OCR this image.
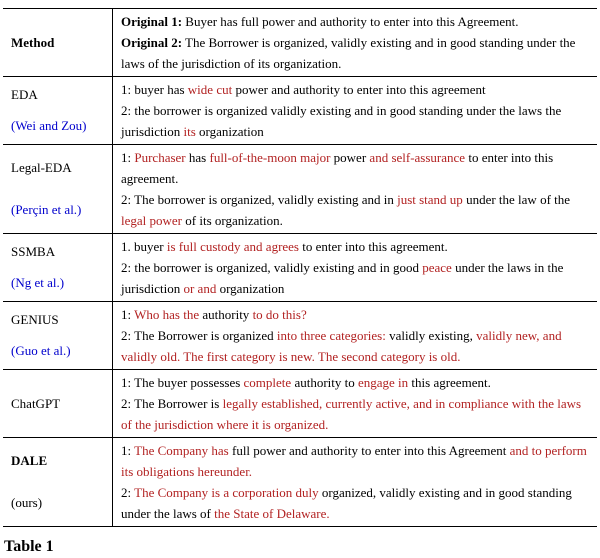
Method
Original 1: Buyer has full power and authority to enter into this Agreement.
Original 2: The Borrower is organized, validly existing and in good standing under the laws of the jurisdiction of its organization.
EDA
(Wei and Zou)
1: buyer has wide cut power and authority to enter into this agreement
2: the borrower is organized validly existing and in good standing under the laws the jurisdiction its organization
Legal-EDA
(Perçin et al.)
1: Purchaser has full-of-the-moon major power and self-assurance to enter into this agreement.
2: The borrower is organized, validly existing and in just stand up under the law of the legal power of its organization.
SSMBA
(Ng et al.)
1. buyer is full custody and agrees to enter into this agreement.
2: the borrower is organized, validly existing and in good peace under the laws in the jurisdiction or and organization
GENIUS
(Guo et al.)
1: Who has the authority to do this?
2: The Borrower is organized into three categories: validly existing, validly new, and validly old. The first category is new. The second category is old.
ChatGPT
1: The buyer possesses complete authority to engage in this agreement.
2: The Borrower is legally established, currently active, and in compliance with the laws of the jurisdiction where it is organized.
DALE
(ours)
1: The Company has full power and authority to enter into this Agreement and to perform its obligations hereunder.
2: The Company is a corporation duly organized, validly existing and in good standing under the laws of the State of Delaware.
Table 1
